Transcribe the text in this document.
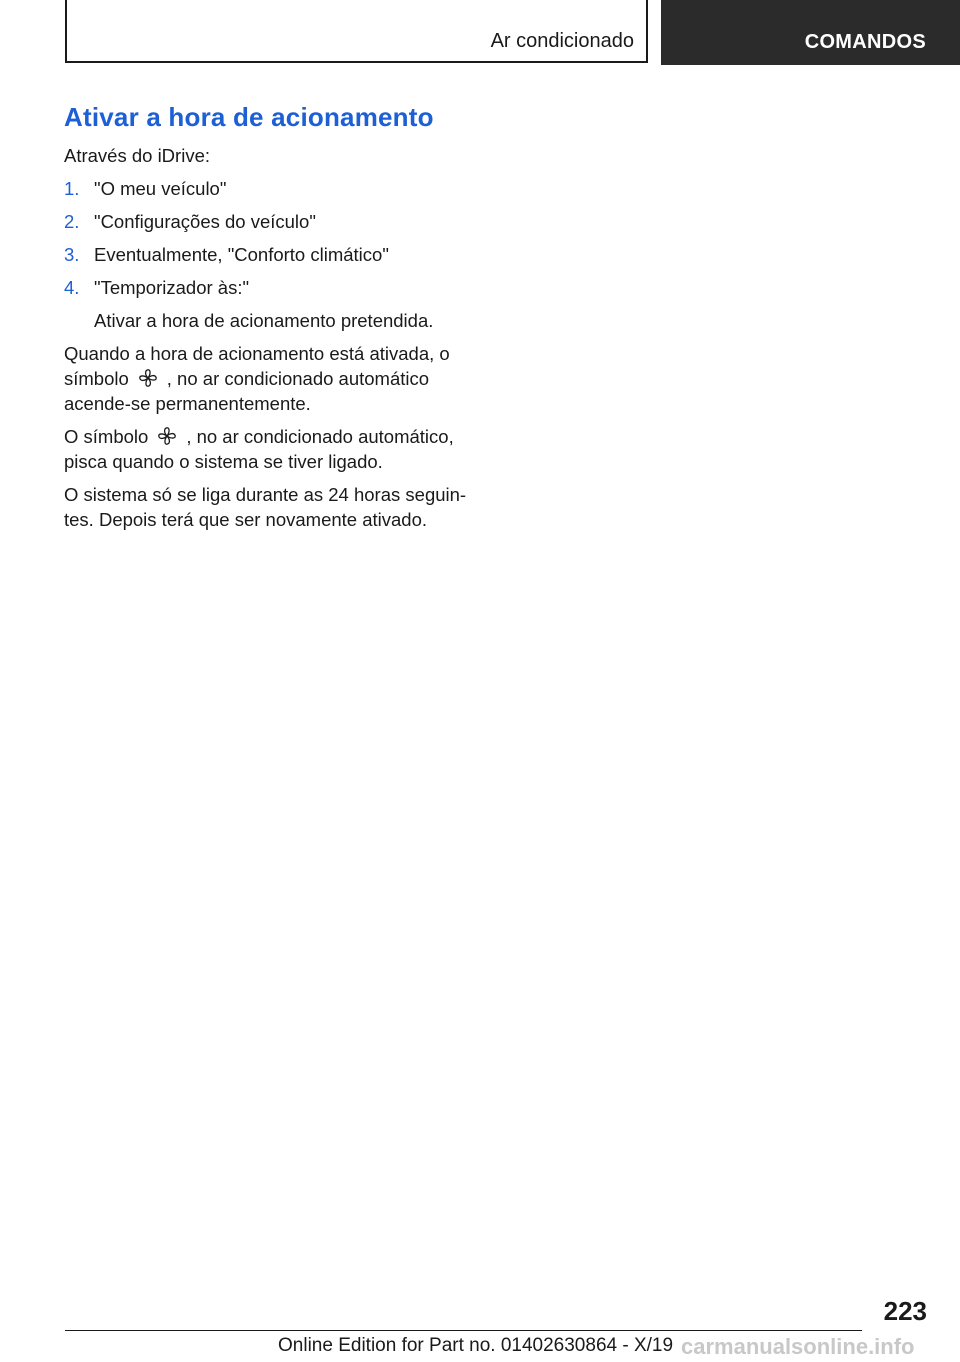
Ar condicionado	COMANDOS
Ativar a hora de acionamento

Através do iDrive:

1. "O meu veículo"
2. "Configurações do veículo"
3. Eventualmente, "Conforto climático"
4. "Temporizador às:"

Ativar a hora de acionamento pretendida.

Quando a hora de acionamento está ativada, o símbolo , no ar condicionado automático acende-se permanentemente.

O símbolo , no ar condicionado automático, pisca quando o sistema se tiver ligado.

O sistema só se liga durante as 24 horas seguintes. Depois terá que ser novamente ativado.

223
Online Edition for Part no. 01402630864 - X/19 carmanualsonline.info
